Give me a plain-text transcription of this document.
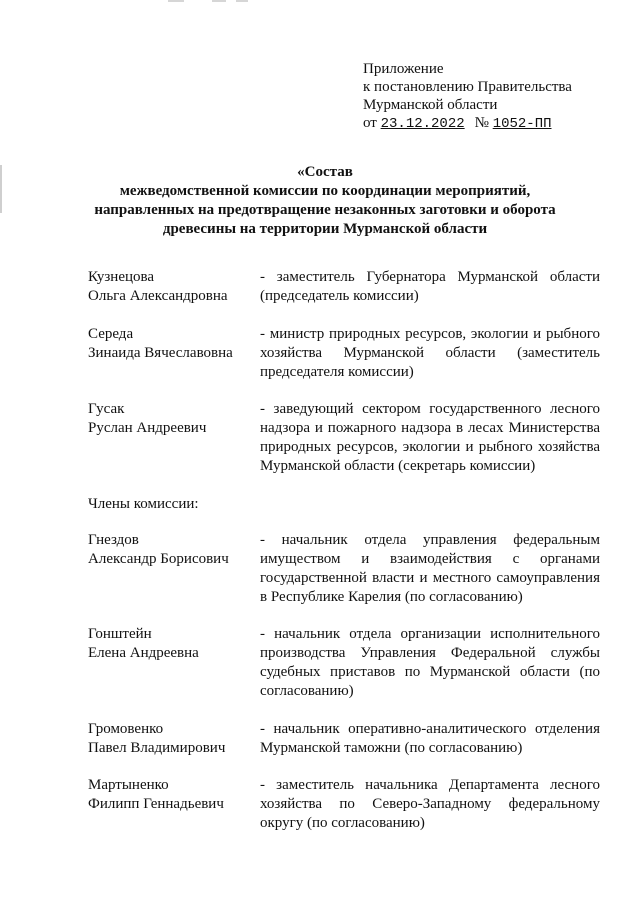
Приложение
к постановлению Правительства
Мурманской области
от 23.12.2022 № 1052-ПП
«Состав
межведомственной комиссии по координации мероприятий,
направленных на предотвращение незаконных заготовки и оборота
древесины на территории Мурманской области
Кузнецова
Ольга Александровна
- заместитель Губернатора Мурманской области (председатель комиссии)
Середа
Зинаида Вячеславовна
- министр природных ресурсов, экологии и рыбного хозяйства Мурманской области (заместитель председателя комиссии)
Гусак
Руслан Андреевич
- заведующий сектором государственного лесного надзора и пожарного надзора в лесах Министерства природных ресурсов, экологии и рыбного хозяйства Мурманской области (секретарь комиссии)
Члены комиссии:
Гнездов
Александр Борисович
- начальник отдела управления федеральным имуществом и взаимодействия с органами государственной власти и местного самоуправления в Республике Карелия (по согласованию)
Гонштейн
Елена Андреевна
- начальник отдела организации исполнительного производства Управления Федеральной службы судебных приставов по Мурманской области (по согласованию)
Громовенко
Павел Владимирович
- начальник оперативно-аналитического отделения Мурманской таможни (по согласованию)
Мартыненко
Филипп Геннадьевич
- заместитель начальника Департамента лесного хозяйства по Северо-Западному федеральному округу (по согласованию)
